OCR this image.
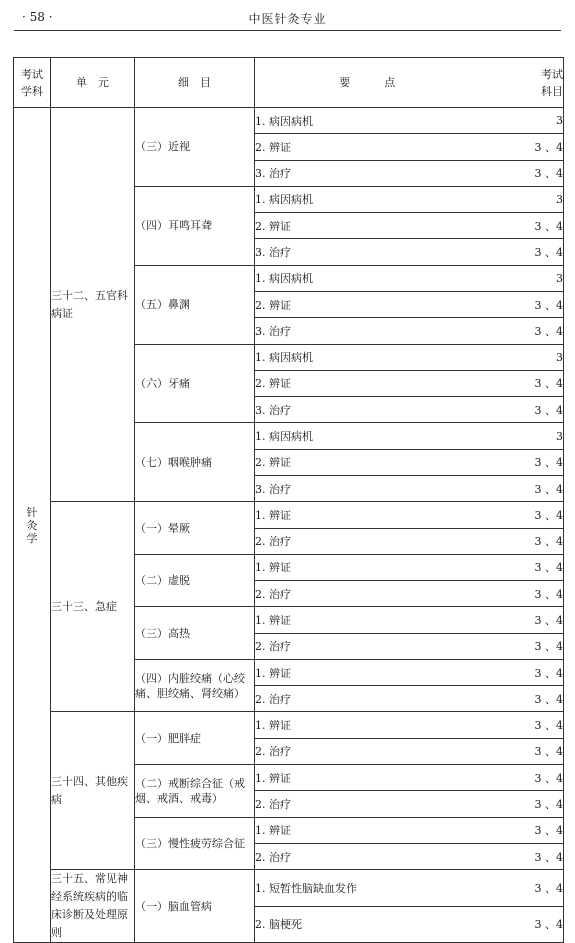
· 58 ·	中医针灸专业
考试
学科	单　元	细　目	要点	考试
科目
针灸学	三十二、五官科病证	（三）近视	1. 病因病机	3
			2. 辨证	3 、4
			3. 治疗	3 、4
		（四）耳鸣耳聋	1. 病因病机	3
			2. 辨证	3 、4
			3. 治疗	3 、4
		（五）鼻渊	1. 病因病机	3
			2. 辨证	3 、4
			3. 治疗	3 、4
		（六）牙痛	1. 病因病机	3
			2. 辨证	3 、4
			3. 治疗	3 、4
		（七）咽喉肿痛	1. 病因病机	3
			2. 辨证	3 、4
			3. 治疗	3 、4
	三十三、急症	（一）晕厥	1. 辨证	3 、4
			2. 治疗	3 、4
		（二）虚脱	1. 辨证	3 、4
			2. 治疗	3 、4
		（三）高热	1. 辨证	3 、4
			2. 治疗	3 、4
		（四）内脏绞痛（心绞痛、胆绞痛、肾绞痛）	1. 辨证	3 、4
			2. 治疗	3 、4
	三十四、其他疾病	（一）肥胖症	1. 辨证	3 、4
			2. 治疗	3 、4
		（二）戒断综合征（戒烟、戒酒、戒毒）	1. 辨证	3 、4
			2. 治疗	3 、4
		（三）慢性疲劳综合征	1. 辨证	3 、4
			2. 治疗	3 、4
	三十五、常见神经系统疾病的临床诊断及处理原则	（一）脑血管病	1. 短暂性脑缺血发作	3 、4
			2. 脑梗死	3 、4
